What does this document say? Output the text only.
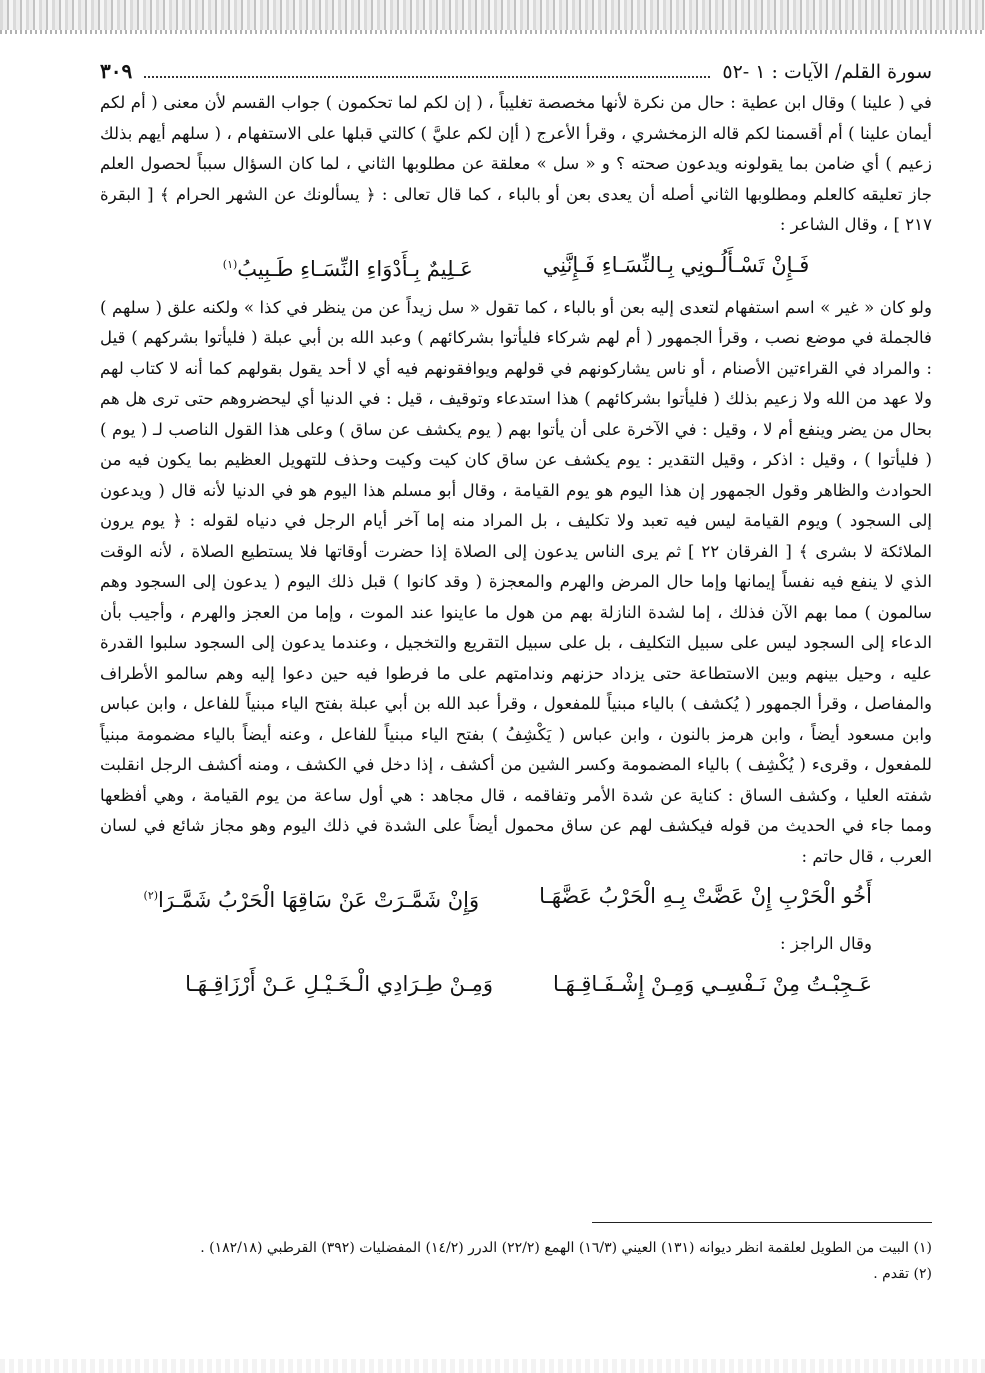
سورة القلم/ الآيات : ١ -٥٢
٣٠٩

في ( علينا ) وقال ابن عطية : حال من نكرة لأنها مخصصة تغليباً ، ( إن لكم لما تحكمون ) جواب القسم لأن معنى ( أم لكم أيمان علينا ) أم أقسمنا لكم قاله الزمخشري ، وقرأ الأعرج ( أإن لكم عليَّ ) كالتي قبلها على الاستفهام ، ( سلهم أيهم بذلك زعيم ) أي ضامن بما يقولونه ويدعون صحته ؟ و « سل » معلقة عن مطلوبها الثاني ، لما كان السؤال سبباً لحصول العلم جاز تعليقه كالعلم ومطلوبها الثاني أصله أن يعدى بعن أو بالباء ، كما قال تعالى : ﴿ يسألونك عن الشهر الحرام ﴾ [ البقرة ٢١٧ ] ، وقال الشاعر :

فَـإِنْ تَسْـأَلُـونِي بِـالنِّسَـاءِ فَـإِنَّنِي
عَـلِيمٌ بِـأَدْوَاءِ النِّسَـاءِ طَـبِيبُ$^{(١)}$

ولو كان « غير » اسم استفهام لتعدى إليه بعن أو بالباء ، كما تقول « سل زيداً عن من ينظر في كذا » ولكنه علق ( سلهم ) فالجملة في موضع نصب ، وقرأ الجمهور ( أم لهم شركاء فليأتوا بشركائهم ) وعبد الله بن أبي عبلة ( فليأتوا بشركهم ) قيل : والمراد في القراءتين الأصنام ، أو ناس يشاركونهم في قولهم ويوافقونهم فيه أي لا أحد يقول بقولهم كما أنه لا كتاب لهم ولا عهد من الله ولا زعيم بذلك ( فليأتوا بشركائهم ) هذا استدعاء وتوقيف ، قيل : في الدنيا أي ليحضروهم حتى ترى هل هم بحال من يضر وينفع أم لا ، وقيل : في الآخرة على أن يأتوا بهم ( يوم يكشف عن ساق ) وعلى هذا القول الناصب لـ ( يوم ) ( فليأتوا ) ، وقيل : اذكر ، وقيل التقدير : يوم يكشف عن ساق كان كيت وكيت وحذف للتهويل العظيم بما يكون فيه من الحوادث والظاهر وقول الجمهور إن هذا اليوم هو يوم القيامة ، وقال أبو مسلم هذا اليوم هو في الدنيا لأنه قال ( ويدعون إلى السجود ) ويوم القيامة ليس فيه تعبد ولا تكليف ، بل المراد منه إما آخر أيام الرجل في دنياه لقوله : ﴿ يوم يرون الملائكة لا بشرى ﴾ [ الفرقان ٢٢ ] ثم يرى الناس يدعون إلى الصلاة إذا حضرت أوقاتها فلا يستطيع الصلاة ، لأنه الوقت الذي لا ينفع فيه نفساً إيمانها وإما حال المرض والهرم والمعجزة ( وقد كانوا ) قبل ذلك اليوم ( يدعون إلى السجود وهم سالمون ) مما بهم الآن فذلك ، إما لشدة النازلة بهم من هول ما عاينوا عند الموت ، وإما من العجز والهرم ، وأجيب بأن الدعاء إلى السجود ليس على سبيل التكليف ، بل على سبيل التقريع والتخجيل ، وعندما يدعون إلى السجود سلبوا القدرة عليه ، وحيل بينهم وبين الاستطاعة حتى يزداد حزنهم وندامتهم على ما فرطوا فيه حين دعوا إليه وهم سالمو الأطراف والمفاصل ، وقرأ الجمهور ( يُكشف ) بالياء مبنياً للمفعول ، وقرأ عبد الله بن أبي عبلة بفتح الياء مبنياً للفاعل ، وابن عباس وابن مسعود أيضاً ، وابن هرمز بالنون ، وابن عباس ( يَكْشِفُ ) بفتح الياء مبنياً للفاعل ، وعنه أيضاً بالياء مضمومة مبنياً للمفعول ، وقرىء ( يُكْشِف ) بالياء المضمومة وكسر الشين من أكشف ، إذا دخل في الكشف ، ومنه أكشف الرجل انقلبت شفته العليا ، وكشف الساق : كناية عن شدة الأمر وتفاقمه ، قال مجاهد : هي أول ساعة من يوم القيامة ، وهي أفظعها ومما جاء في الحديث من قوله فيكشف لهم عن ساق محمول أيضاً على الشدة في ذلك اليوم وهو مجاز شائع في لسان العرب ، قال حاتم :

أَخُو الْحَرْبِ إِنْ عَضَّتْ بِـهِ الْحَرْبُ عَضَّهَـا
وَإِنْ شَمَّـرَتْ عَنْ سَاقِهَا الْحَرْبُ شَمَّـرَا$^{(٢)}$

وقال الراجز :

عَـجِبْـتُ مِنْ نَـفْسِـي وَمِـنْ إِشْـفَـاقِـهَـا
وَمِـنْ طِـرَادِي الْـخَـيْـلِ عَـنْ أَرْزَاقِـهَـا

(١) البيت من الطويل لعلقمة انظر ديوانه (١٣١) العيني (١٦/٣) الهمع (٢٢/٢) الدرر (١٤/٢) المفضليات (٣٩٢) القرطبي (١٨٢/١٨) .

(٢) تقدم .
